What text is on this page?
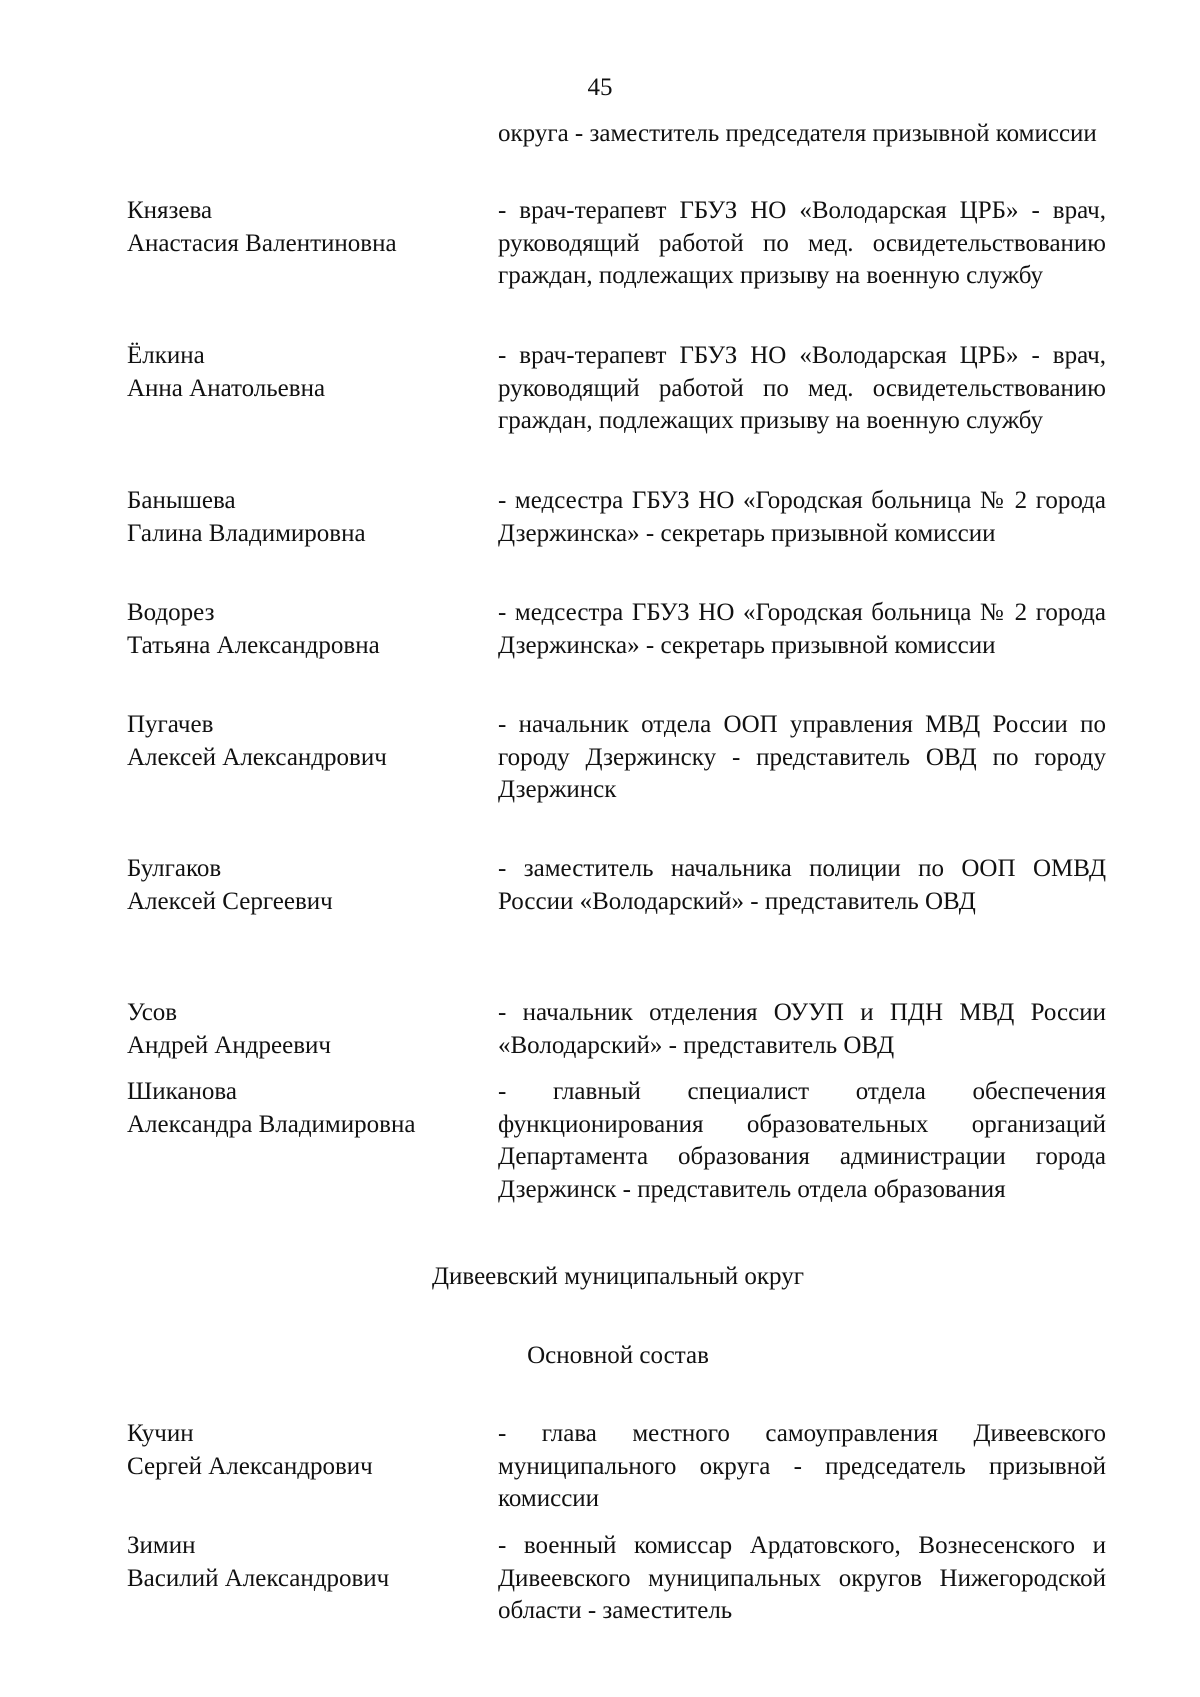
45
округа - заместитель председателя призывной комиссии
Князева
Анастасия Валентиновна
- врач-терапевт ГБУЗ НО «Володарская ЦРБ» - врач, руководящий работой по мед. освидетельствованию граждан, подлежащих призыву на военную службу
Ёлкина
Анна Анатольевна
- врач-терапевт ГБУЗ НО «Володарская ЦРБ» - врач, руководящий работой по мед. освидетельствованию граждан, подлежащих призыву на военную службу
Банышева
Галина Владимировна
- медсестра ГБУЗ НО «Городская больница № 2 города Дзержинска» - секретарь призывной комиссии
Водорез
Татьяна Александровна
- медсестра ГБУЗ НО «Городская больница № 2 города Дзержинска» - секретарь призывной комиссии
Пугачев
Алексей Александрович
- начальник отдела ООП управления МВД России по городу Дзержинску - представитель ОВД по городу Дзержинск
Булгаков
Алексей Сергеевич
- заместитель начальника полиции по ООП ОМВД России «Володарский» - представитель ОВД
Усов
Андрей Андреевич
- начальник отделения ОУУП и ПДН МВД России «Володарский» - представитель ОВД
Шиканова
Александра Владимировна
- главный специалист отдела обеспечения функционирования образовательных организаций Департамента образования администрации города Дзержинск - представитель отдела образования
Дивеевский муниципальный округ
Основной состав
Кучин
Сергей Александрович
- глава местного самоуправления Дивеевского муниципального округа - председатель призывной комиссии
Зимин
Василий Александрович
- военный комиссар Ардатовского, Вознесенского и Дивеевского муниципальных округов Нижегородской области - заместитель
